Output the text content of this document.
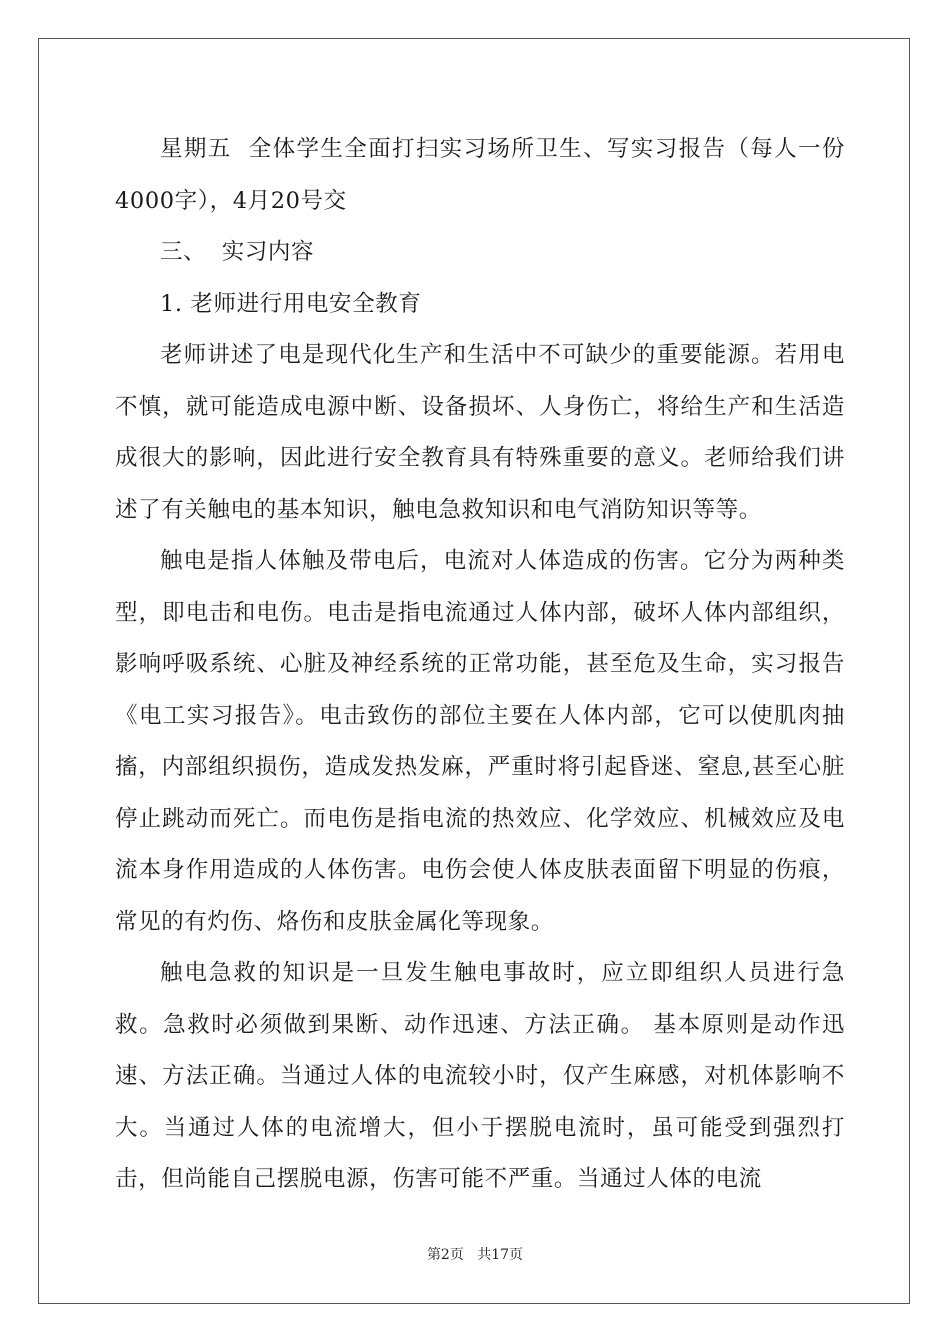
星期五  全体学生全面打扫实习场所卫生、写实习报告（每人一份4000字），4月20号交

三、  实习内容

1. 老师进行用电安全教育

老师讲述了电是现代化生产和生活中不可缺少的重要能源。若用电不慎，就可能造成电源中断、设备损坏、人身伤亡，将给生产和生活造成很大的影响，因此进行安全教育具有特殊重要的意义。老师给我们讲述了有关触电的基本知识，触电急救知识和电气消防知识等等。

触电是指人体触及带电后，电流对人体造成的伤害。它分为两种类型，即电击和电伤。电击是指电流通过人体内部，破坏人体内部组织，影响呼吸系统、心脏及神经系统的正常功能，甚至危及生命，实习报告《电工实习报告》。电击致伤的部位主要在人体内部，它可以使肌肉抽搐，内部组织损伤，造成发热发麻，严重时将引起昏迷、窒息,甚至心脏停止跳动而死亡。而电伤是指电流的热效应、化学效应、机械效应及电流本身作用造成的人体伤害。电伤会使人体皮肤表面留下明显的伤痕，常见的有灼伤、烙伤和皮肤金属化等现象。

触电急救的知识是一旦发生触电事故时，应立即组织人员进行急救。急救时必须做到果断、动作迅速、方法正确。 基本原则是动作迅速、方法正确。当通过人体的电流较小时，仅产生麻感，对机体影响不大。当通过人体的电流增大，但小于摆脱电流时，虽可能受到强烈打击，但尚能自己摆脱电源，伤害可能不严重。当通过人体的电流

第2页 共17页
